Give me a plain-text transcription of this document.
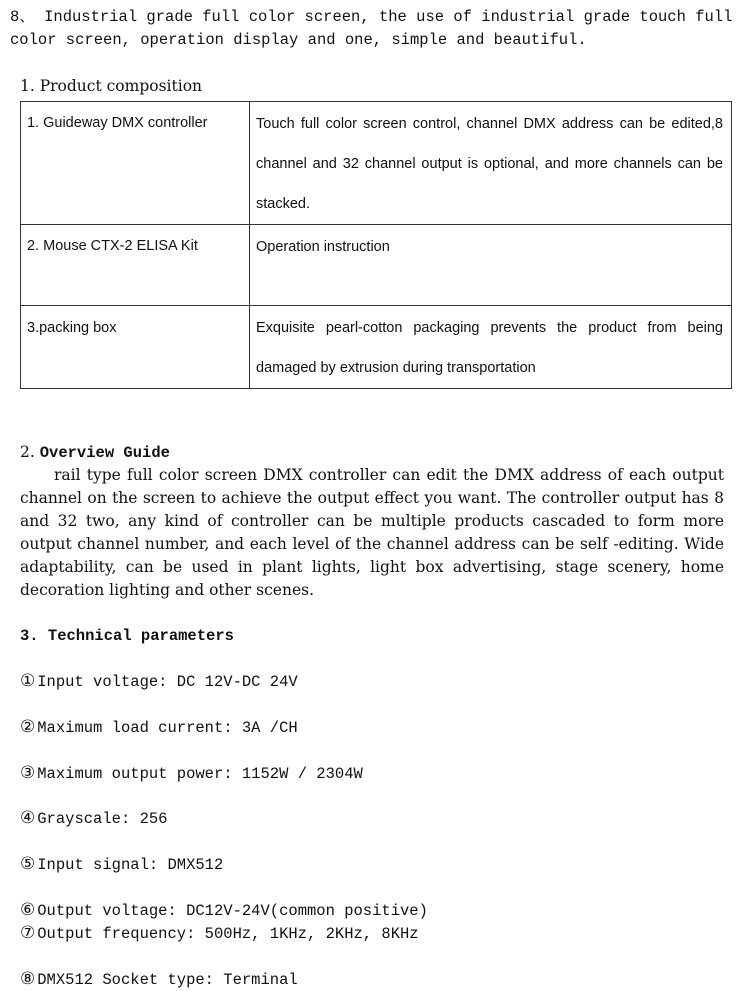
8、 Industrial grade full color screen, the use of industrial grade touch full color screen, operation display and one, simple and beautiful.
1. Product composition
1. Guideway DMX controller	Touch full color screen control, channel DMX address can be edited,8 channel and 32 channel output is optional, and more channels can be stacked.

2. Mouse CTX-2 ELISA Kit	Operation instruction

3.packing box	Exquisite pearl-cotton packaging prevents the product from being damaged by extrusion during transportation
2. Overview Guide
rail type full color screen DMX controller can edit the DMX address of each output channel on the screen to achieve the output effect you want. The controller output has 8 and 32 two, any kind of controller can be multiple products cascaded to form more output channel number, and each level of the channel address can be self -editing. Wide adaptability, can be used in plant lights, light box advertising, stage scenery, home decoration lighting and other scenes.
3. Technical parameters
① Input voltage: DC 12V-DC 24V
② Maximum load current: 3A /CH
③ Maximum output power: 1152W / 2304W
④ Grayscale: 256
⑤ Input signal: DMX512
⑥ Output voltage: DC12V-24V(common positive)
⑦ Output frequency: 500Hz, 1KHz, 2KHz, 8KHz
⑧ DMX512 Socket type: Terminal
